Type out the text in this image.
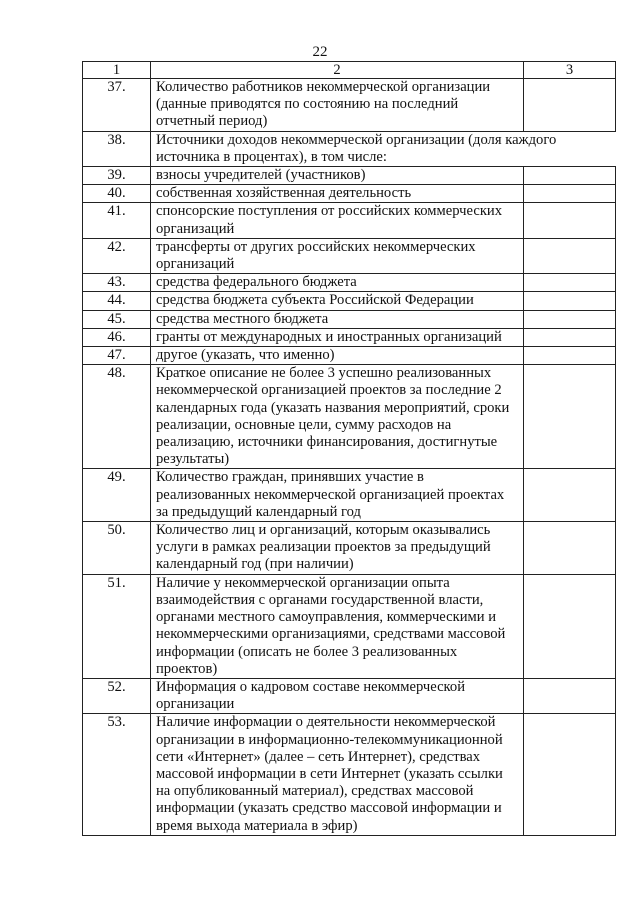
22
1	2	3
37.	Количество работников некоммерческой организации (данные приводятся по состоянию на последний отчетный период)	
38.	Источники доходов некоммерческой организации (доля каждого источника в процентах), в том числе:	
39.	взносы учредителей (участников)	
40.	собственная хозяйственная деятельность	
41.	спонсорские поступления от российских коммерческих организаций	
42.	трансферты от других российских некоммерческих организаций	
43.	средства федерального бюджета	
44.	средства бюджета субъекта Российской Федерации	
45.	средства местного бюджета	
46.	гранты от международных и иностранных организаций	
47.	другое (указать, что именно)	
48.	Краткое описание не более 3 успешно реализованных некоммерческой организацией проектов за последние 2 календарных года (указать названия мероприятий, сроки реализации, основные цели, сумму расходов на реализацию, источники финансирования, достигнутые результаты)	
49.	Количество граждан, принявших участие в реализованных некоммерческой организацией проектах за предыдущий календарный год	
50.	Количество лиц и организаций, которым оказывались услуги в рамках реализации проектов за предыдущий календарный год (при наличии)	
51.	Наличие у некоммерческой организации опыта взаимодействия с органами государственной власти, органами местного самоуправления, коммерческими и некоммерческими организациями, средствами массовой информации (описать не более 3 реализованных проектов)	
52.	Информация о кадровом составе некоммерческой организации	
53.	Наличие информации о деятельности некоммерческой организации в информационно-телекоммуникационной сети «Интернет» (далее – сеть Интернет), средствах массовой информации в сети Интернет (указать ссылки на опубликованный материал), средствах массовой информации (указать средство массовой информации и время выхода материала в эфир)	
